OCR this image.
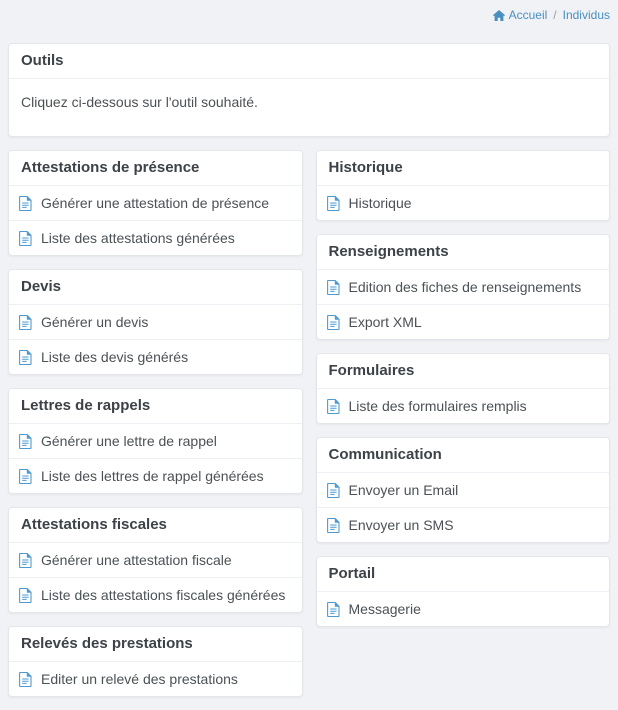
Accueil / Individus
Outils
Cliquez ci-dessous sur l'outil souhaité.
Attestations de présence
Générer une attestation de présence
Liste des attestations générées
Devis
Générer un devis
Liste des devis générés
Lettres de rappels
Générer une lettre de rappel
Liste des lettres de rappel générées
Attestations fiscales
Générer une attestation fiscale
Liste des attestations fiscales générées
Relevés des prestations
Editer un relevé des prestations
Historique
Historique
Renseignements
Edition des fiches de renseignements
Export XML
Formulaires
Liste des formulaires remplis
Communication
Envoyer un Email
Envoyer un SMS
Portail
Messagerie
